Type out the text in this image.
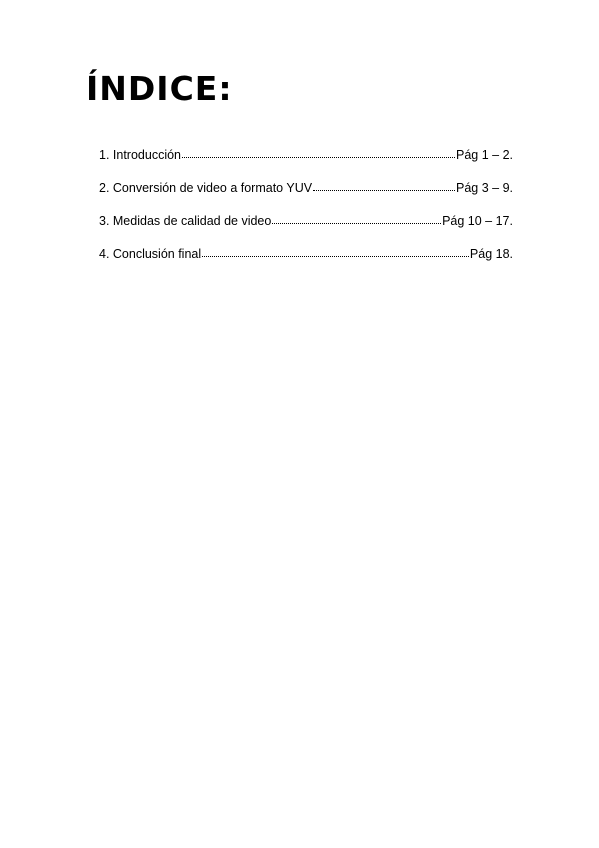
ÍNDICE:
1. Introducción	Pág 1 – 2.
2. Conversión de video a formato YUV	Pág 3 – 9.
3. Medidas de calidad de video	Pág 10 – 17.
4. Conclusión final	Pág 18.
